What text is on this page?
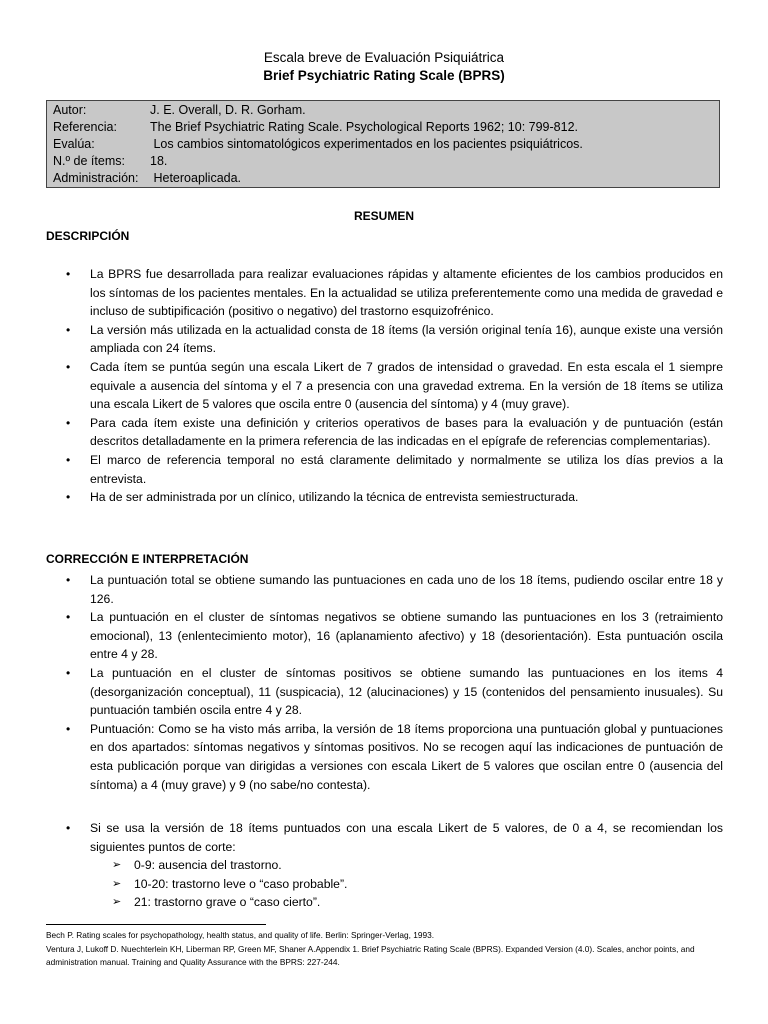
Escala breve de Evaluación Psiquiátrica
Brief Psychiatric Rating Scale (BPRS)
Autor:	J. E. Overall, D. R. Gorham.
Referencia:	The Brief Psychiatric Rating Scale. Psychological Reports 1962; 10: 799-812.
Evalúa:	Los cambios sintomatológicos experimentados en los pacientes psiquiátricos.
N.º de ítems:	18.
Administración: Heteroaplicada.
RESUMEN
DESCRIPCIÓN
• La BPRS fue desarrollada para realizar evaluaciones rápidas y altamente eficientes de los cambios producidos en los síntomas de los pacientes mentales. En la actualidad se utiliza preferentemente como una medida de gravedad e incluso de subtipificación (positivo o negativo) del trastorno esquizofrénico.
• La versión más utilizada en la actualidad consta de 18 ítems (la versión original tenía 16), aunque existe una versión ampliada con 24 ítems.
• Cada ítem se puntúa según una escala Likert de 7 grados de intensidad o gravedad. En esta escala el 1 siempre equivale a ausencia del síntoma y el 7 a presencia con una gravedad extrema. En la versión de 18 ítems se utiliza una escala Likert de 5 valores que oscila entre 0 (ausencia del síntoma) y 4 (muy grave).
• Para cada ítem existe una definición y criterios operativos de bases para la evaluación y de puntuación (están descritos detalladamente en la primera referencia de las indicadas en el epígrafe de referencias complementarias).
• El marco de referencia temporal no está claramente delimitado y normalmente se utiliza los días previos a la entrevista.
• Ha de ser administrada por un clínico, utilizando la técnica de entrevista semiestructurada.
CORRECCIÓN E INTERPRETACIÓN
• La puntuación total se obtiene sumando las puntuaciones en cada uno de los 18 ítems, pudiendo oscilar entre 18 y 126.
• La puntuación en el cluster de síntomas negativos se obtiene sumando las puntuaciones en los 3 (retraimiento emocional), 13 (enlentecimiento motor), 16 (aplanamiento afectivo) y 18 (desorientación). Esta puntuación oscila entre 4 y 28.
• La puntuación en el cluster de síntomas positivos se obtiene sumando las puntuaciones en los items 4 (desorganización conceptual), 11 (suspicacia), 12 (alucinaciones) y 15 (contenidos del pensamiento inusuales). Su puntuación también oscila entre 4 y 28.
• Puntuación: Como se ha visto más arriba, la versión de 18 ítems proporciona una puntuación global y puntuaciones en dos apartados: síntomas negativos y síntomas positivos. No se recogen aquí las indicaciones de puntuación de esta publicación porque van dirigidas a versiones con escala Likert de 5 valores que oscilan entre 0 (ausencia del síntoma) a 4 (muy grave) y 9 (no sabe/no contesta).
• Si se usa la versión de 18 ítems puntuados con una escala Likert de 5 valores, de 0 a 4, se recomiendan los siguientes puntos de corte:
➢ 0-9: ausencia del trastorno.
➢ 10-20: trastorno leve o “caso probable”.
➢ 21: trastorno grave o “caso cierto”.
Bech P. Rating scales for psychopathology, health status, and quality of life. Berlin: Springer-Verlag, 1993.
Ventura J, Lukoff D. Nuechterlein KH, Liberman RP, Green MF, Shaner A.Appendix 1. Brief Psychiatric Rating Scale (BPRS). Expanded Version (4.0). Scales, anchor points, and administration manual. Training and Quality Assurance with the BPRS: 227-244.
